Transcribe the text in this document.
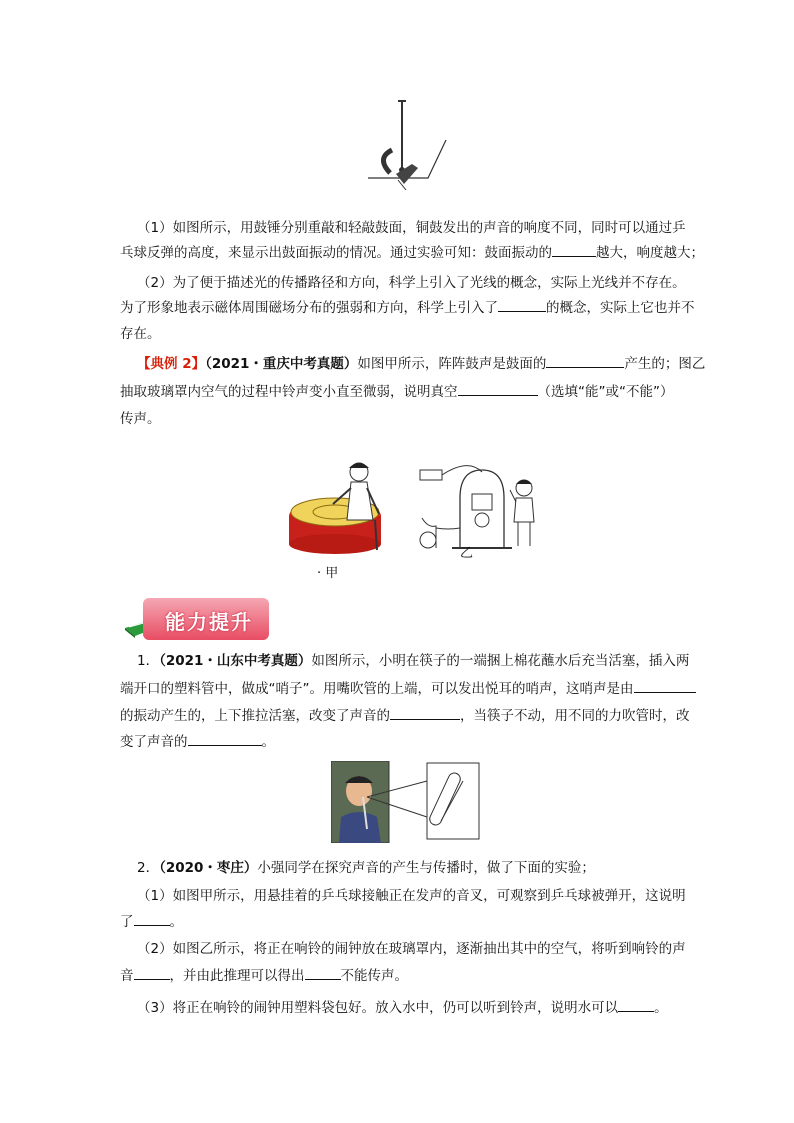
（1）如图所示，用鼓锤分别重敲和轻敲鼓面，铜鼓发出的声音的响度不同，同时可以通过乒
乓球反弹的高度，来显示出鼓面振动的情况。通过实验可知：鼓面振动的	越大，响度越大；
（2）为了便于描述光的传播路径和方向，科学上引入了光线的概念，实际上光线并不存在。
为了形象地表示磁体周围磁场分布的强弱和方向，科学上引入了	的概念，实际上它也并不
存在。
【典例 2】（2021・重庆中考真题）如图甲所示，阵阵鼓声是鼓面的	产生的；图乙
抽取玻璃罩内空气的过程中铃声变小直至微弱，说明真空	（选填“能”或“不能”）
传声。
· 甲
乙
能力提升
1．（2021・山东中考真题）如图所示，小明在筷子的一端捆上棉花蘸水后充当活塞，插入两
端开口的塑料管中，做成“哨子”。用嘴吹管的上端，可以发出悦耳的哨声，这哨声是由
的振动产生的，上下推拉活塞，改变了声音的	，当筷子不动，用不同的力吹管时，改
变了声音的	。
2．（2020・枣庄）小强同学在探究声音的产生与传播时，做了下面的实验；
（1）如图甲所示，用悬挂着的乒乓球接触正在发声的音叉，可观察到乒乓球被弹开，这说明
了	。
（2）如图乙所示，将正在响铃的闹钟放在玻璃罩内，逐渐抽出其中的空气，将听到响铃的声
音	，并由此推理可以得出	不能传声。
（3）将正在响铃的闹钟用塑料袋包好。放入水中，仍可以听到铃声，说明水可以	。
